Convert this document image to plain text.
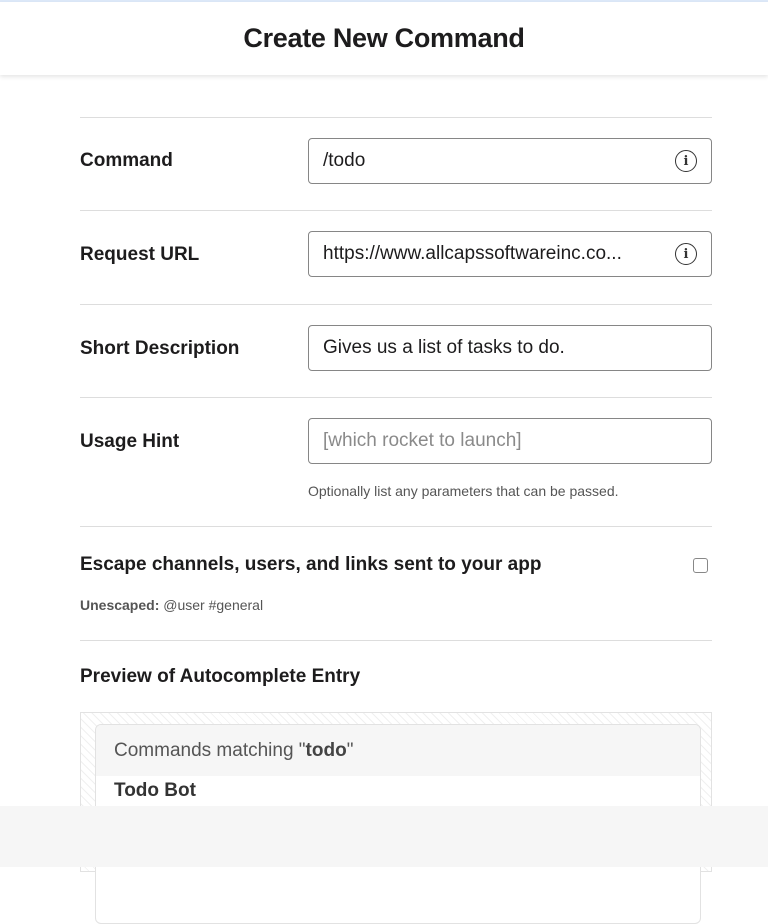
Create New Command
Command	/todo	i
Request URL	https://www.allcapssoftwareinc.co...	i
Short Description	Gives us a list of tasks to do.
Usage Hint	[which rocket to launch]
Optionally list any parameters that can be passed.
Escape channels, users, and links sent to your app
Unescaped: @user #general
Preview of Autocomplete Entry
Commands matching " todo "
Todo Bot
